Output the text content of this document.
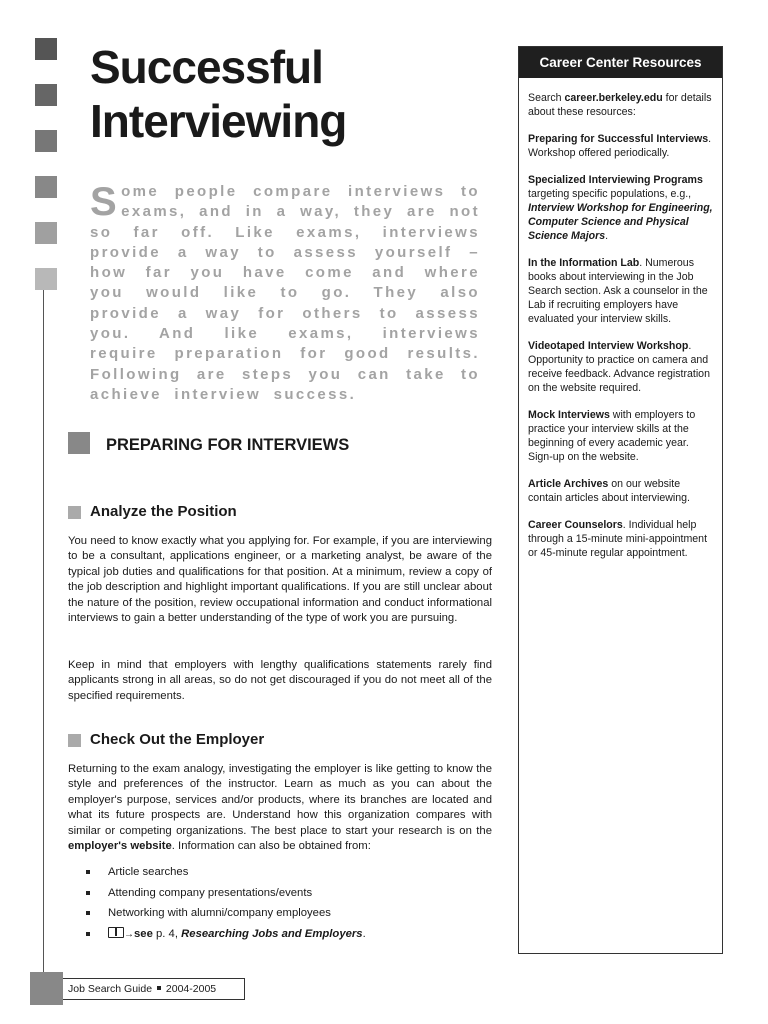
Successful
Interviewing

Some people compare interviews to exams, and in a way, they are not so far off. Like exams, interviews provide a way to assess yourself – how far you have come and where you would like to go. They also provide a way for others to assess you. And like exams, interviews require preparation for good results. Following are steps you can take to achieve interview success.

PREPARING FOR INTERVIEWS
Analyze the Position

You need to know exactly what you applying for. For example, if you are interviewing to be a consultant, applications engineer, or a marketing analyst, be aware of the typical job duties and qualifications for that position. At a minimum, review a copy of the job description and highlight important qualifications. If you are still unclear about the nature of the position, review occupational information and conduct informational interviews to gain a better understanding of the type of work you are pursuing.

Keep in mind that employers with lengthy qualifications statements rarely find applicants strong in all areas, so do not get discouraged if you do not meet all of the specified requirements.

Check Out the Employer

Returning to the exam analogy, investigating the employer is like getting to know the style and preferences of the instructor. Learn as much as you can about the employer's purpose, services and/or products, where its branches are located and what its future prospects are. Understand how this organization compares with similar or competing organizations. The best place to start your research is on the employer's website. Information can also be obtained from:

Article searches
Attending company presentations/events
Networking with alumni/company employees
→see p. 4, Researching Jobs and Employers.
Job Search Guide 2004-2005
Career Center Resources

Search career.berkeley.edu for details about these resources:

Preparing for Successful Interviews. Workshop offered periodically.

Specialized Interviewing Programs targeting specific populations, e.g., Interview Workshop for Engineering, Computer Science and Physical Science Majors.

In the Information Lab. Numerous books about interviewing in the Job Search section. Ask a counselor in the Lab if recruiting employers have evaluated your interview skills.

Videotaped Interview Workshop. Opportunity to practice on camera and receive feedback. Advance registration on the website required.

Mock Interviews with employers to practice your interview skills at the beginning of every academic year. Sign-up on the website.

Article Archives on our website contain articles about interviewing.

Career Counselors. Individual help through a 15-minute mini-appointment or 45-minute regular appointment.
